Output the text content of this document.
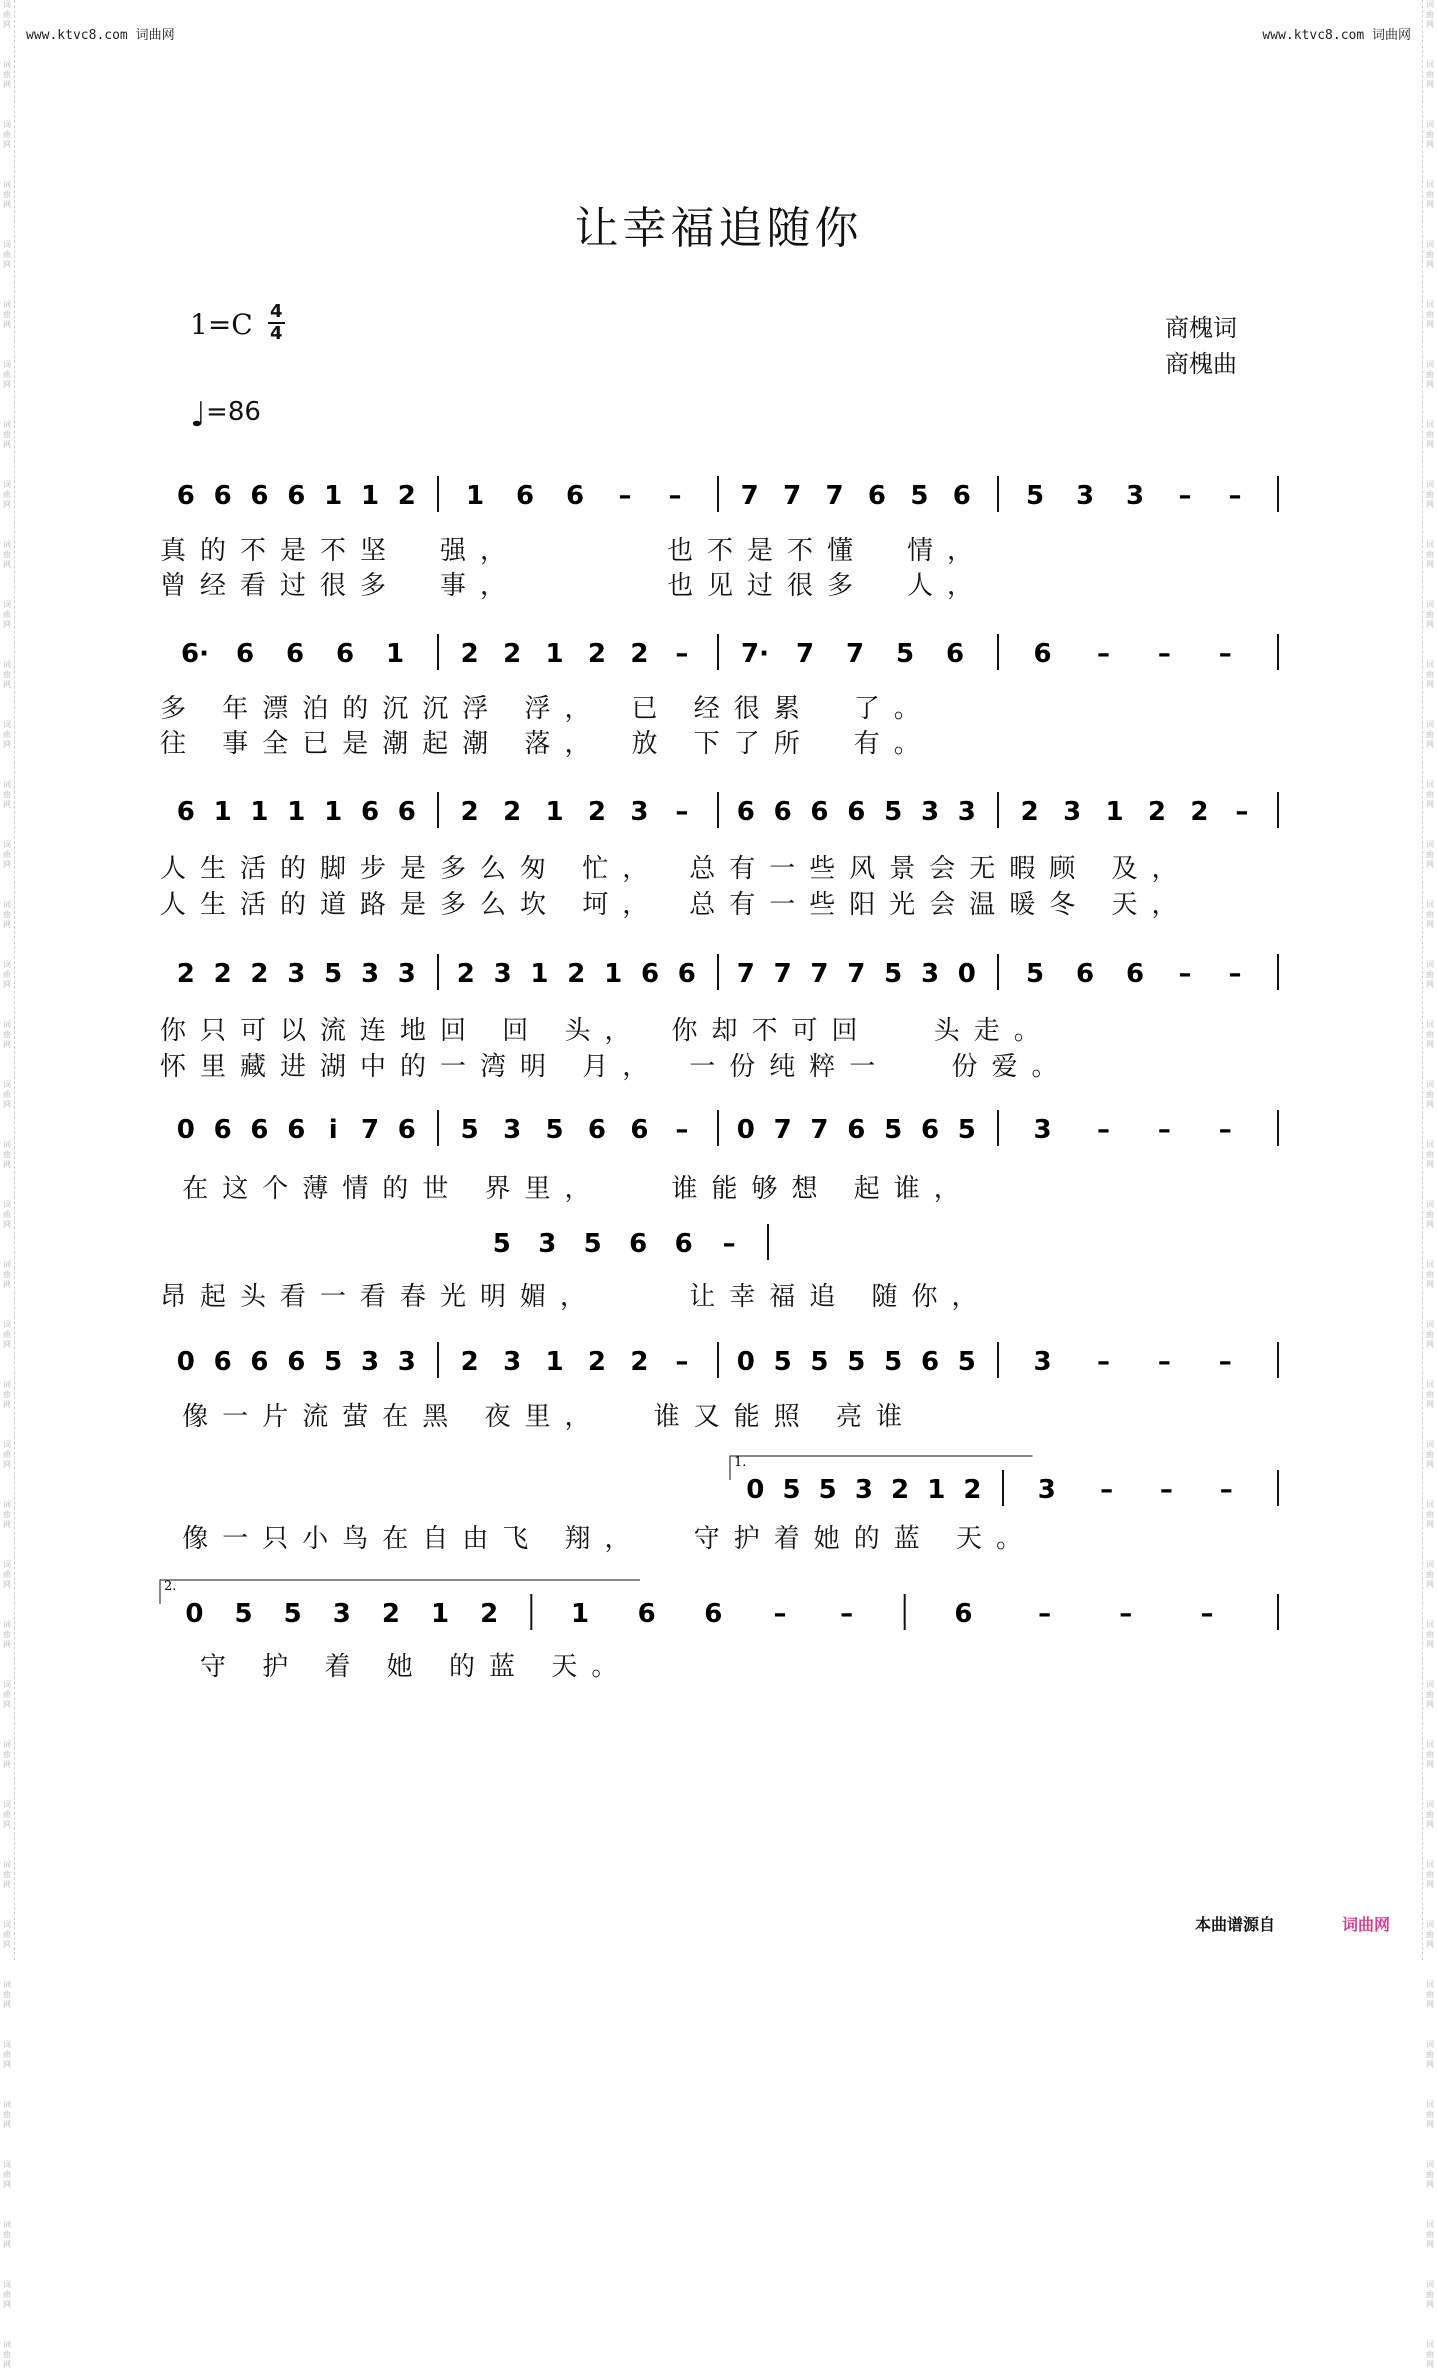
www.ktvc8.com 词曲网	www.ktvc8.com 词曲网
词曲网
词曲网
词曲网
词曲网
词曲网
词曲网
词曲网
词曲网
词曲网
词曲网
词曲网
词曲网
词曲网
词曲网
词曲网
词曲网
词曲网
词曲网
词曲网
词曲网
词曲网
词曲网
词曲网
词曲网
词曲网
词曲网
词曲网
词曲网
词曲网
词曲网
词曲网
词曲网
词曲网
词曲网
词曲网
词曲网
词曲网
词曲网
词曲网
词曲网
词曲网
词曲网
词曲网
词曲网
词曲网
词曲网
词曲网
词曲网
词曲网
词曲网
词曲网
词曲网
词曲网
词曲网
词曲网
词曲网
词曲网
词曲网
词曲网
词曲网
词曲网
词曲网
词曲网
词曲网
词曲网
词曲网
词曲网
词曲网
词曲网
词曲网
词曲网
词曲网
词曲网
词曲网
词曲网
词曲网
词曲网
词曲网
词曲网
词曲网
让幸福追随你
1=C 4
4	商槐词
商槐曲
♩=86
6 6 6 6 1 1 2 1 6 6 – – 7 7 7 6 5 6 5 3 3 – –
真的不是不坚　强，　　　　也不是不懂　情，
曾经看过很多　事，　　　　也见过很多　人，
6· 6 6 6 1 2 2 1 2 2 – 7· 7 7 5 6	6 – – –
多 年漂泊的沉沉浮 浮，　已 经很累　了。
往 事全已是潮起潮 落，　放 下了所　有。
6 1 1 1 1 6 6 2 2 1 2 3 – 6 6 6 6 5 3 3 2 3 1 2 2 –
人生活的脚步是多么匆 忙，　总有一些风景会无暇顾 及，
人生活的道路是多么坎 坷，　总有一些阳光会温暖冬 天，
2 2 2 3 5 3 3 2 3 1 2 1 6 6 7 7 7 7 5 3 0 5 6 6 – –
你只可以流连地回 回 头，　你却不可回　 头走。
怀里藏进湖中的一湾明 月，　一份纯粹一　 份爱。
0 6 6 6 i 7 6 5 3 5 6 6 – 0 7 7 6 5 6 5 3 – – –
在这个薄情的世 界里，　　谁能够想 起谁，
5 3 5 6 6 –
昂起头看一看春光明媚，　　 让幸福追 随你，
0 6 6 6 5 3 3 2 3 1 2 2 – 0 5 5 5 5 6 5 3 – – –
像一片流萤在黑 夜里，　 谁又能照 亮谁
1.
0 5 5 3 2 1 2 3 – – –
像一只小鸟在自由飞 翔，　 守护着她的蓝 天。
2.
0 5 5 3 2 1 2	1 6 6 – –	6	–	–	–
　守 护 着 她 的蓝 天。
本曲谱源自	词曲网
